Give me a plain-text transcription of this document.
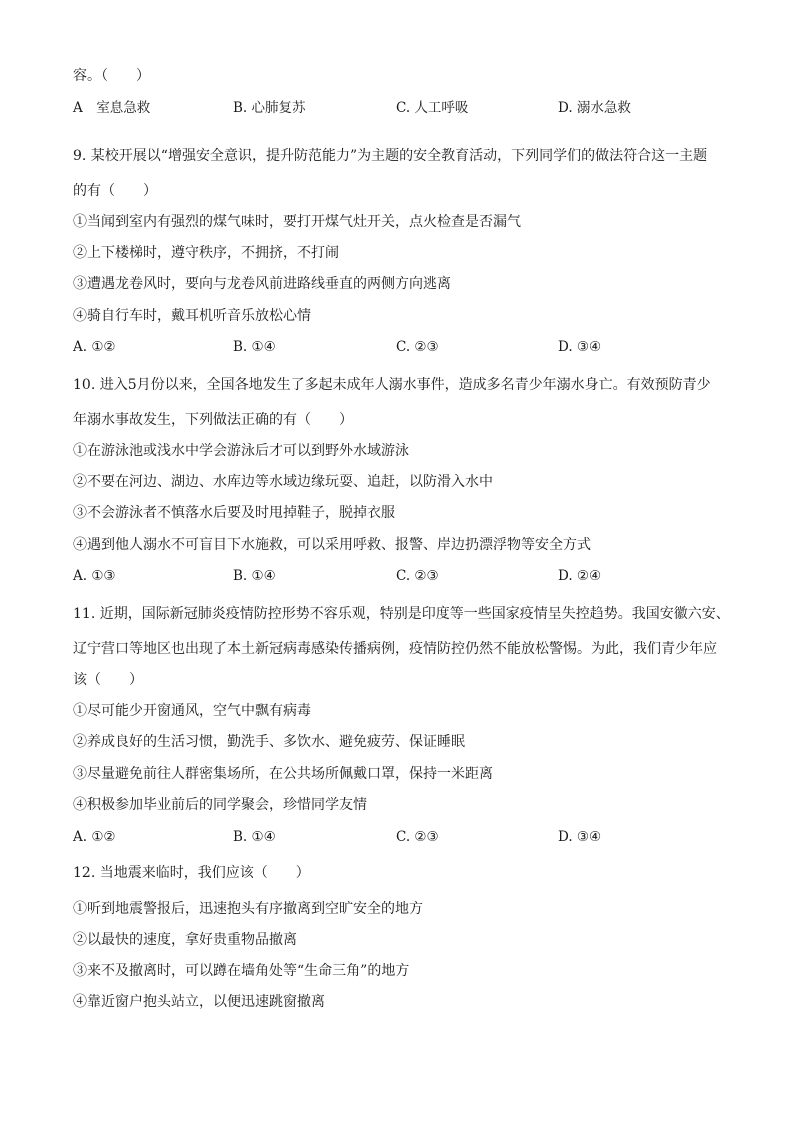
容。（　　）
A　室息急救	B. 心肺复苏	C. 人工呼吸	D. 溺水急救
9. 某校开展以“增强安全意识，提升防范能力”为主题的安全教育活动，下列同学们的做法符合这一主题
的有（　　）
①当闻到室内有强烈的煤气味时，要打开煤气灶开关，点火检查是否漏气
②上下楼梯时，遵守秩序，不拥挤，不打闹
③遭遇龙卷风时，要向与龙卷风前进路线垂直的两侧方向逃离
④骑自行车时，戴耳机听音乐放松心情
A. ①②	B. ①④	C. ②③	D. ③④
10. 进入5月份以来，全国各地发生了多起未成年人溺水事件，造成多名青少年溺水身亡。有效预防青少
年溺水事故发生，下列做法正确的有（　　）
①在游泳池或浅水中学会游泳后才可以到野外水域游泳
②不要在河边、湖边、水库边等水域边缘玩耍、追赶，以防滑入水中
③不会游泳者不慎落水后要及时甩掉鞋子，脱掉衣服
④遇到他人溺水不可盲目下水施救，可以采用呼救、报警、岸边扔漂浮物等安全方式
A. ①③	B. ①④	C. ②③	D. ②④
11. 近期，国际新冠肺炎疫情防控形势不容乐观，特别是印度等一些国家疫情呈失控趋势。我国安徽六安、
辽宁营口等地区也出现了本土新冠病毒感染传播病例，疫情防控仍然不能放松警惕。为此，我们青少年应
该（　　）
①尽可能少开窗通风，空气中飘有病毒
②养成良好的生活习惯，勤洗手、多饮水、避免疲劳、保证睡眠
③尽量避免前往人群密集场所，在公共场所佩戴口罩，保持一米距离
④积极参加毕业前后的同学聚会，珍惜同学友情
A. ①②	B. ①④	C. ②③	D. ③④
12. 当地震来临时，我们应该（　　）
①听到地震警报后，迅速抱头有序撤离到空旷安全的地方
②以最快的速度，拿好贵重物品撤离
③来不及撤离时，可以蹲在墙角处等“生命三角”的地方
④靠近窗户抱头站立，以便迅速跳窗撤离
